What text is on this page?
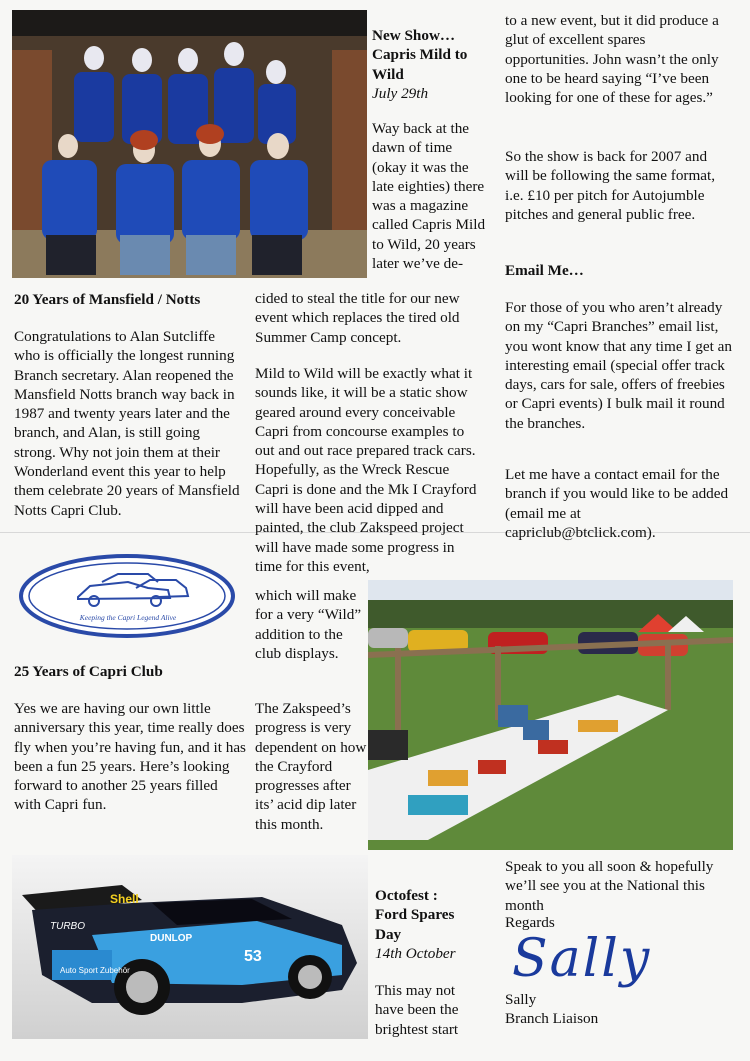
20 Years of Mansfield / Notts
Congratulations to Alan Sutcliffe who is officially the longest running Branch secretary. Alan reopened the Mansfield Notts branch way back in 1987 and twenty years later and the branch, and Alan, is still going strong. Why not join them at their Wonderland event this year to help them celebrate 20 years of Mansfield Notts Capri Club.
Keeping the Capri Legend Alive
25 Years of Capri Club
Yes we are having our own little anniversary this year, time really does fly when you’re having fun, and it has been a fun 25 years. Here’s looking forward to another 25 years filled with Capri fun.
New Show…
Capris Mild to
Wild
July 29th
Way back at the dawn of time (okay it was the late eighties) there was a magazine called Capris Mild to Wild, 20 years later we’ve de-
cided to steal the title for our new event which replaces the tired old Summer Camp concept.
Mild to Wild will be exactly what it sounds like, it will be a static show geared around every conceivable Capri from concourse examples to out and out race prepared track cars. Hopefully, as the Wreck Rescue Capri is done and the Mk I Crayford will have been acid dipped and painted, the club Zakspeed project will have made some progress in time for this event,
which will make for a very “Wild” addition to the club displays.
The Zakspeed’s progress is very dependent on how the Crayford progresses after its’ acid dip later this month.
Shell
TURBO
DUNLOP
Auto Sport Zubehör
53
Octofest :
Ford Spares
Day
14th October
This may not have been the brightest start
to a new event, but it did produce a glut of excellent spares opportunities. John wasn’t the only one to be heard saying “I’ve been looking for one of these for ages.”
So the show is back for 2007 and will be following the same format, i.e. £10 per pitch for Autojumble pitches and general public free.
Email Me…
For those of you who aren’t already on my “Capri Branches” email list, you wont know that any time I get an interesting email (special offer track days, cars for sale, offers of freebies or Capri events) I bulk mail it round the branches.
Let me have a contact email for the branch if you would like to be added (email me at capriclub@btclick.com).
Speak to you all soon & hopefully we’ll see you at the National this month
Regards
Sally
Sally
Branch Liaison
